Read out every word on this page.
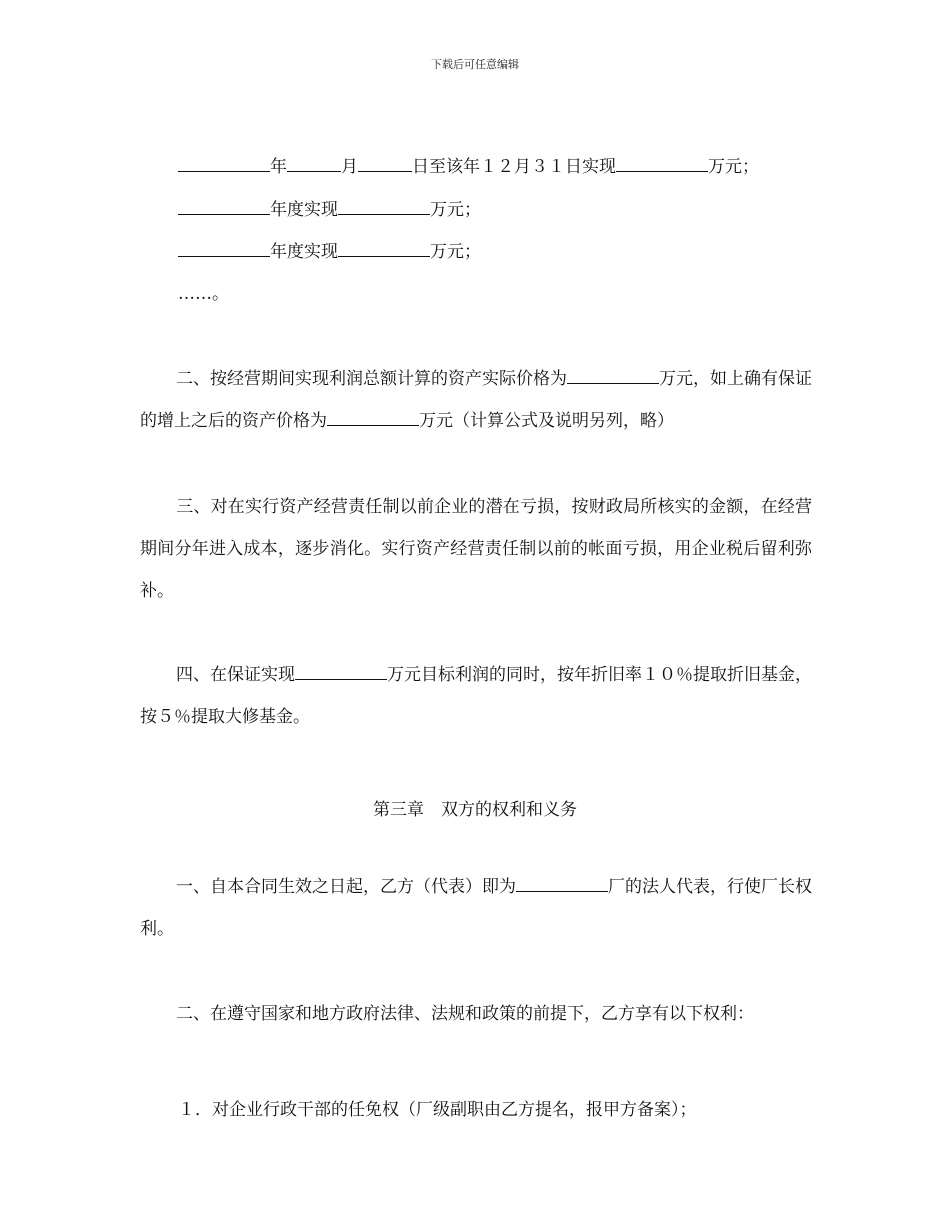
下载后可任意编辑
年	月	日至该年１２月３１日实现	万元；
年度实现	万元；
年度实现	万元；
……。
二、按经营期间实现利润总额计算的资产实际价格为	万元，如上确有保证的增上之后的资产价格为	万元（计算公式及说明另列，略）
三、对在实行资产经营责任制以前企业的潜在亏损，按财政局所核实的金额，在经营期间分年进入成本，逐步消化。实行资产经营责任制以前的帐面亏损，用企业税后留利弥补。
四、在保证实现	万元目标利润的同时，按年折旧率１０％提取折旧基金，按５％提取大修基金。
第三章　双方的权利和义务
一、自本合同生效之日起，乙方（代表）即为	厂的法人代表，行使厂长权利。
二、在遵守国家和地方政府法律、法规和政策的前提下，乙方享有以下权利：
１．对企业行政干部的任免权（厂级副职由乙方提名，报甲方备案）；
